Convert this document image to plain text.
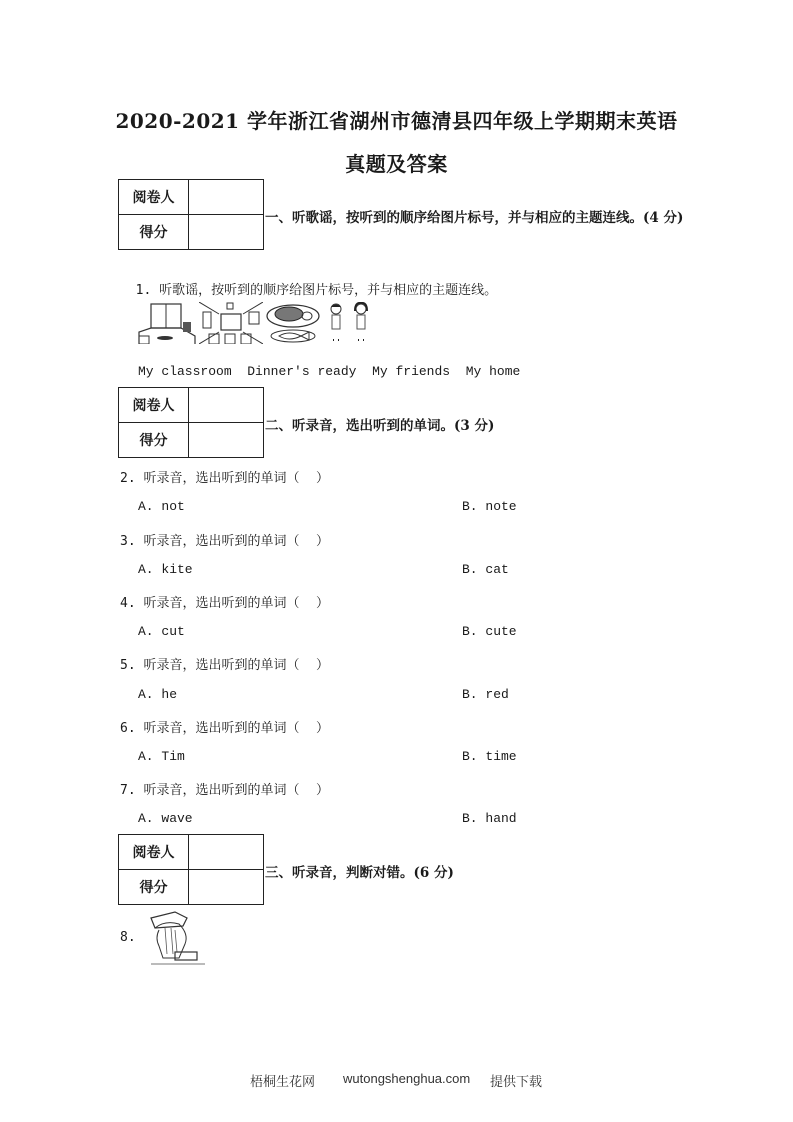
2020-2021 学年浙江省湖州市德清县四年级上学期期末英语
真题及答案
阅卷人	
得分	
一、听歌谣，按听到的顺序给图片标号，并与相应的主题连线。(4 分)

1. 听歌谣，按听到的顺序给图片标号，并与相应的主题连线。

My classroom Dinner's ready My friends My home
阅卷人	
得分	
二、听录音，选出听到的单词。(3 分)
2. 听录音，选出听到的单词（    ）
A. not	B. note
3. 听录音，选出听到的单词（    ）
A. kite	B. cat
4. 听录音，选出听到的单词（    ）
A. cut	B. cute
5. 听录音，选出听到的单词（    ）
A. he	B. red
6. 听录音，选出听到的单词（    ）
A. Tim	B. time
7. 听录音，选出听到的单词（    ）
A. wave	B. hand
阅卷人	
得分	
三、听录音，判断对错。(6 分)
8.
梧桐生花网 wutongshenghua.com 提供下载
